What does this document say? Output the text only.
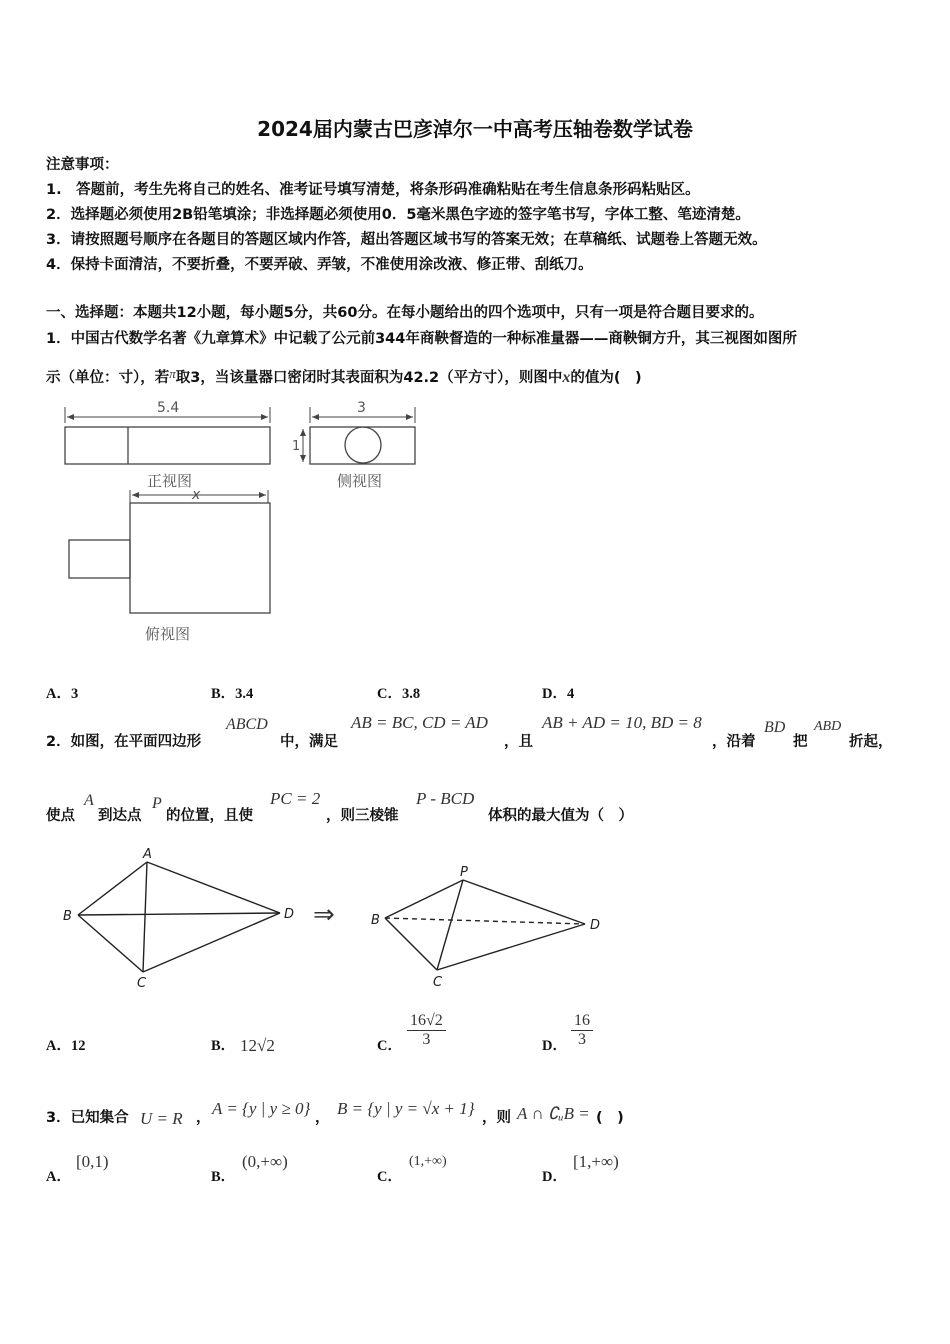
2024届内蒙古巴彦淖尔一中高考压轴卷数学试卷
注意事项：
1.　答题前，考生先将自己的姓名、准考证号填写清楚，将条形码准确粘贴在考生信息条形码粘贴区。
2．选择题必须使用2B铅笔填涂；非选择题必须使用0．5毫米黑色字迹的签字笔书写，字体工整、笔迹清楚。
3．请按照题号顺序在各题目的答题区域内作答，超出答题区域书写的答案无效；在草稿纸、试题卷上答题无效。
4．保持卡面清洁，不要折叠，不要弄破、弄皱，不准使用涂改液、修正带、刮纸刀。
一、选择题：本题共12小题，每小题5分，共60分。在每小题给出的四个选项中，只有一项是符合题目要求的。
1．中国古代数学名著《九章算术》中记载了公元前344年商鞅督造的一种标准量器——商鞅铜方升，其三视图如图所
示（单位：寸），若π取3，当该量器口密闭时其表面积为42.2（平方寸），则图中x的值为(　)
5.4
正视图
3
1
侧视图
x
俯视图
A．3	B．3.4	C．3.8	D．4
2．如图，在平面四边形
ABCD
中，满足
AB = BC, CD = AD
，且
AB + AD = 10, BD = 8
，沿着
BD
把
ABD
折起，
使点
A
到达点
P
的位置，且使
PC = 2
，则三棱锥
P - BCD
体积的最大值为（　）
A
B
C
D ⇒
P
B
C
D
A．12	B． 12√2	C． $\frac{16√2}{3}$	D． $\frac{16}{3}$
3．已知集合 U = R ， A = {y | y ≥ 0} ， B = {y | y = √x + 1} ，则 A ∩ ∁ᵤB = (　)
A．
[0,1)
B．
(0,+∞)
C．
(1,+∞)
D．
[1,+∞)
